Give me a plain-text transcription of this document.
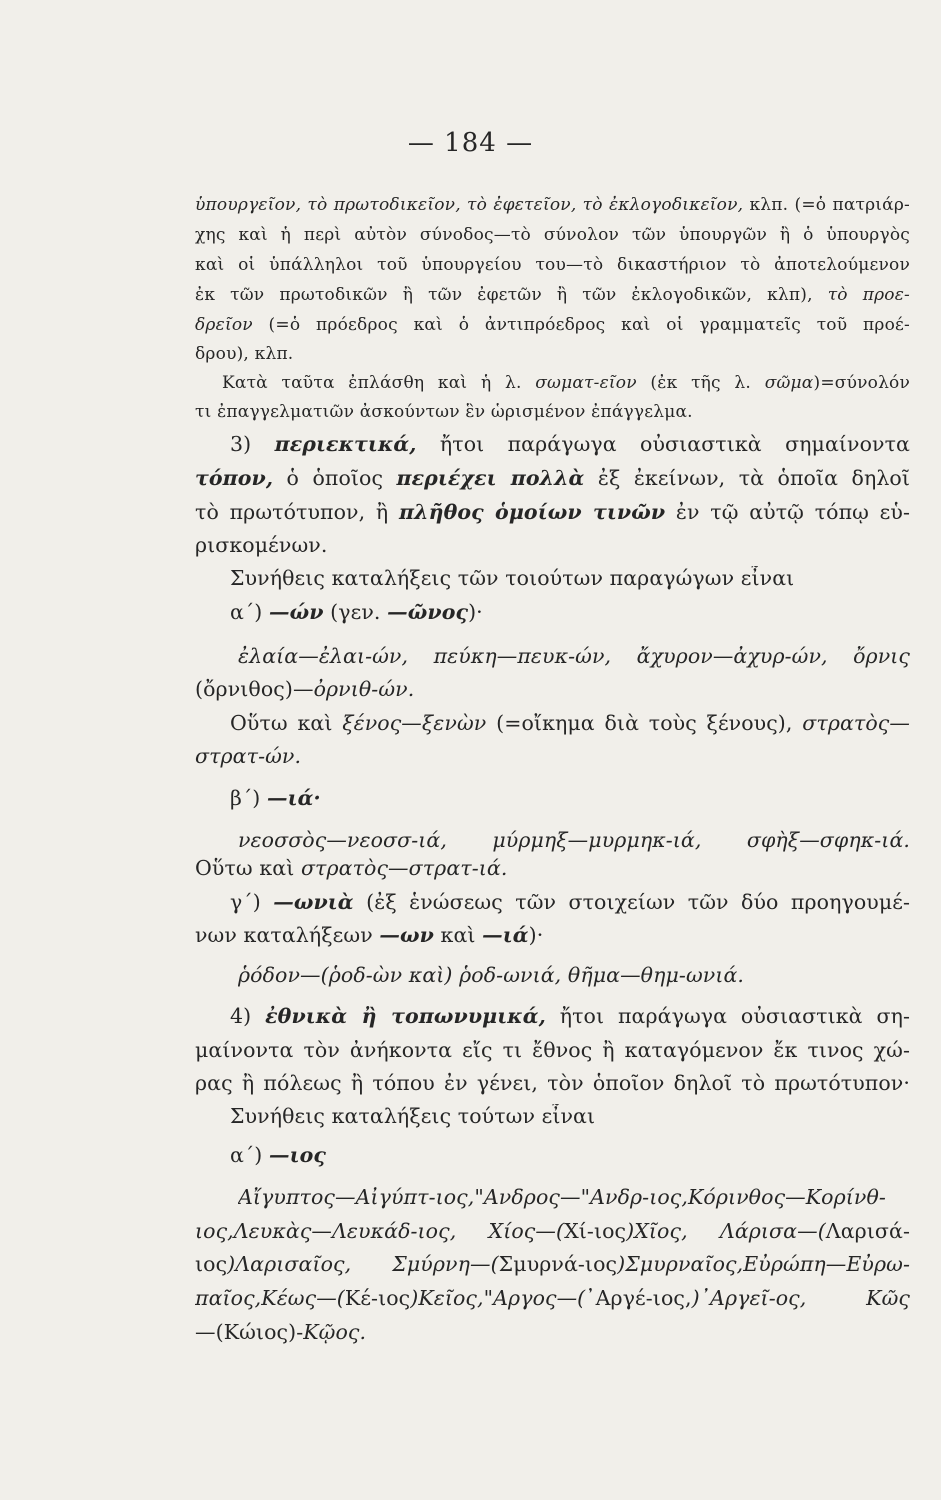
— 184 —
ὑπουργεῖον, τὸ πρωτοδικεῖον, τὸ ἐφετεῖον, τὸ ἐκλογοδικεῖον, κλπ. (=ὁ πατριάρ-
χης καὶ ἡ περὶ αὐτὸν σύνοδος—τὸ σύνολον τῶν ὑπουργῶν ἢ ὁ ὑπουργὸς
καὶ οἱ ὑπάλληλοι τοῦ ὑπουργείου του—τὸ δικαστήριον τὸ ἀποτελούμενον
ἐκ τῶν πρωτοδικῶν ἢ τῶν ἐφετῶν ἢ τῶν ἐκλογοδικῶν, κλπ), τὸ προε-
δρεῖον (=ὁ πρόεδρος καὶ ὁ ἀντιπρόεδρος καὶ οἱ γραμματεῖς τοῦ προέ-
δρου), κλπ.
Κατὰ ταῦτα ἐπλάσθη καὶ ἡ λ. σωματ-εῖον (ἐκ τῆς λ. σῶμα)=σύνολόν
τι ἐπαγγελματιῶν ἀσκούντων ἓν ὡρισμένον ἐπάγγελμα.
3) περιεκτικά, ἤτοι παράγωγα οὐσιαστικὰ σημαίνοντα
τόπον, ὁ ὁποῖος περιέχει πολλὰ ἐξ ἐκείνων, τὰ ὁποῖα δηλοῖ
τὸ πρωτότυπον, ἢ πλῆθος ὁμοίων τινῶν ἐν τῷ αὐτῷ τόπῳ εὑ-
ρισκομένων.
Συνήθεις καταλήξεις τῶν τοιούτων παραγώγων εἶναι
α΄) —ών (γεν. —ῶνος)·
ἐλαία—ἐλαι-ών, πεύκη—πευκ-ών, ἄχυρον—ἀχυρ-ών, ὄρνις
(ὄρνιθος)—ὀρνιθ-ών.
Οὕτω καὶ ξένος—ξενὼν (=οἴκημα διὰ τοὺς ξένους), στρατὸς—
στρατ-ών.
β΄) —ιά·
νεοσσὸς—νεοσσ-ιά,   μύρμηξ—μυρμηκ-ιά,   σφὴξ—σφηκ-ιά.
Οὕτω καὶ στρατὸς—στρατ-ιά.
γ΄) —ωνιὰ (ἐξ ἑνώσεως τῶν στοιχείων τῶν δύο προηγουμέ-
νων καταλήξεων —ων καὶ —ιά)·
ῥόδον—(ῥοδ-ὼν καὶ) ῥοδ-ωνιά, θῆμα—θημ-ωνιά.
4) ἐθνικὰ ἢ τοπωνυμικά, ἤτοι παράγωγα οὐσιαστικὰ ση-
μαίνοντα τὸν ἀνήκοντα εἴς τι ἔθνος ἢ καταγόμενον ἔκ τινος χώ-
ρας ἢ πόλεως ἢ τόπου ἐν γένει, τὸν ὁποῖον δηλοῖ τὸ πρωτότυπον·
Συνήθεις καταλήξεις τούτων εἶναι
α΄) —ιος
Αἴγυπτος—Αἰγύπτ-ιος,"Ανδρος—"Ανδρ-ιος,Κόρινθος—Κορίνθ-
ιος,Λευκὰς—Λευκάδ-ιος, Χίος—(Χί-ιος)Χῖος, Λάρισα—(Λαρισά-
ιος)Λαρισαῖος, Σμύρνη—(Σμυρνά-ιος)Σμυρναῖος,Εὐρώπη—Εὐρω-
παῖος,Κέως—(Κέ-ιος)Κεῖος,"Αργος—(᾿Αργέ-ιος,)᾿Αργεῖ-ος, Κῶς
—(Κώιος)-Κῷος.
